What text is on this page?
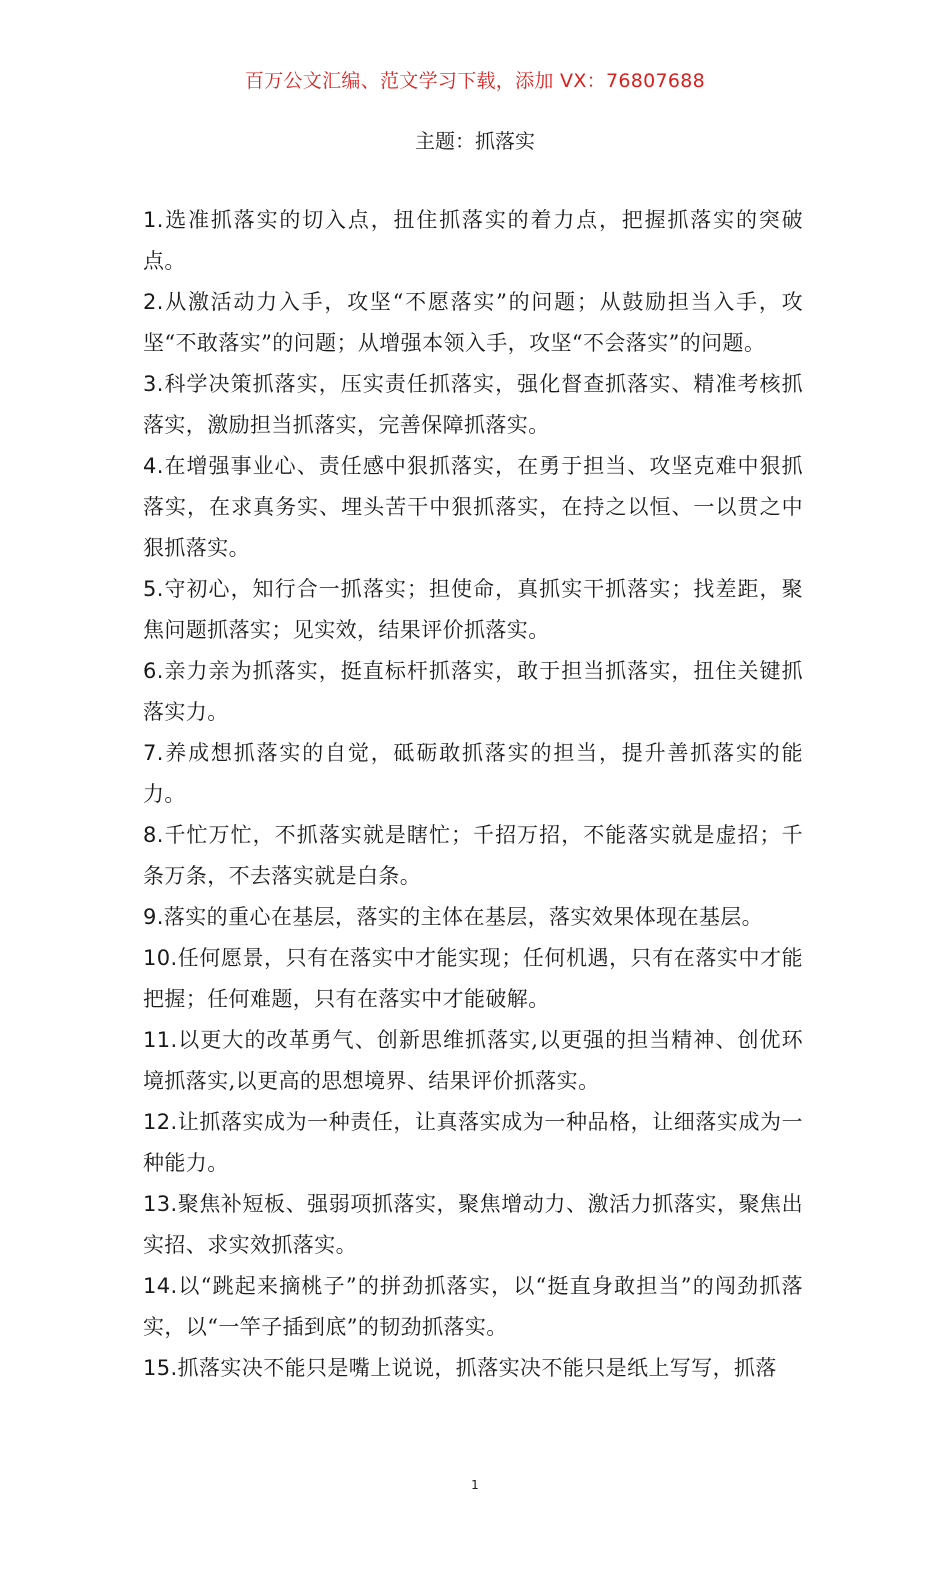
百万公文汇编、范文学习下载，添加 VX：76807688
主题：抓落实

1.选准抓落实的切入点，扭住抓落实的着力点，把握抓落实的突破点。

2.从激活动力入手，攻坚“不愿落实”的问题；从鼓励担当入手，攻坚“不敢落实”的问题；从增强本领入手，攻坚“不会落实”的问题。

3.科学决策抓落实，压实责任抓落实，强化督查抓落实、精准考核抓落实，激励担当抓落实，完善保障抓落实。

4.在增强事业心、责任感中狠抓落实，在勇于担当、攻坚克难中狠抓落实，在求真务实、埋头苦干中狠抓落实，在持之以恒、一以贯之中狠抓落实。

5.守初心，知行合一抓落实；担使命，真抓实干抓落实；找差距，聚焦问题抓落实；见实效，结果评价抓落实。

6.亲力亲为抓落实，挺直标杆抓落实，敢于担当抓落实，扭住关键抓落实力。

7.养成想抓落实的自觉，砥砺敢抓落实的担当，提升善抓落实的能力。

8.千忙万忙，不抓落实就是瞎忙；千招万招，不能落实就是虚招；千条万条，不去落实就是白条。

9.落实的重心在基层，落实的主体在基层，落实效果体现在基层。

10.任何愿景，只有在落实中才能实现；任何机遇，只有在落实中才能把握；任何难题，只有在落实中才能破解。

11.以更大的改革勇气、创新思维抓落实,以更强的担当精神、创优环境抓落实,以更高的思想境界、结果评价抓落实。

12.让抓落实成为一种责任，让真落实成为一种品格，让细落实成为一种能力。

13.聚焦补短板、强弱项抓落实，聚焦增动力、激活力抓落实，聚焦出实招、求实效抓落实。

14.以“跳起来摘桃子”的拼劲抓落实，以“挺直身敢担当”的闯劲抓落实，以“一竿子插到底”的韧劲抓落实。

15.抓落实决不能只是嘴上说说，抓落实决不能只是纸上写写，抓落

1
